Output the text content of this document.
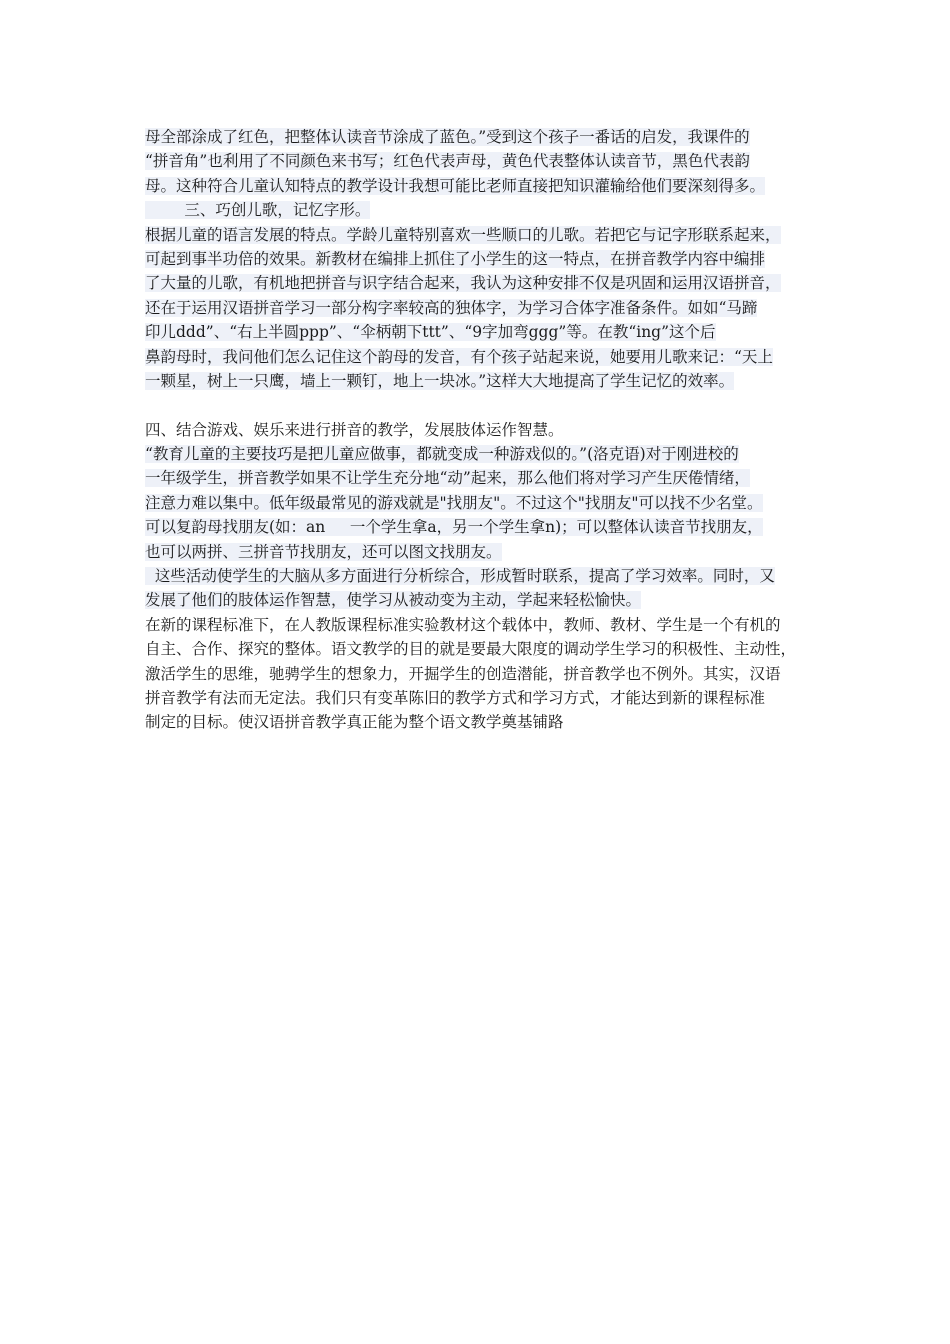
母全部涂成了红色，把整体认读音节涂成了蓝色。”受到这个孩子一番话的启发，我课件的
“拼音角”也利用了不同颜色来书写；红色代表声母，黄色代表整体认读音节，黑色代表韵
母。这种符合儿童认知特点的教学设计我想可能比老师直接把知识灌输给他们要深刻得多。
三、巧创儿歌，记忆字形。
根据儿童的语言发展的特点。学龄儿童特别喜欢一些顺口的儿歌。若把它与记字形联系起来，
可起到事半功倍的效果。新教材在编排上抓住了小学生的这一特点，在拼音教学内容中编排
了大量的儿歌，有机地把拼音与识字结合起来，我认为这种安排不仅是巩固和运用汉语拼音，
还在于运用汉语拼音学习一部分构字率较高的独体字，为学习合体字准备条件。如如“马蹄
印儿ddd”、“右上半圆ppp”、“伞柄朝下ttt”、“9字加弯ggg”等。在教“ing”这个后
鼻韵母时，我问他们怎么记住这个韵母的发音，有个孩子站起来说，她要用儿歌来记：“天上
一颗星，树上一只鹰，墙上一颗钉，地上一块冰。”这样大大地提高了学生记忆的效率。
四、结合游戏、娱乐来进行拼音的教学，发展肢体运作智慧。
“教育儿童的主要技巧是把儿童应做事，都就变成一种游戏似的。”(洛克语)对于刚进校的
一年级学生，拼音教学如果不让学生充分地“动”起来，那么他们将对学习产生厌倦情绪，
注意力难以集中。低年级最常见的游戏就是"找朋友"。不过这个"找朋友"可以找不少名堂。
可以复韵母找朋友(如：an     一个学生拿a，另一个学生拿n)；可以整体认读音节找朋友，
也可以两拼、三拼音节找朋友，还可以图文找朋友。
这些活动使学生的大脑从多方面进行分析综合，形成暂时联系，提高了学习效率。同时，又
发展了他们的肢体运作智慧，使学习从被动变为主动，学起来轻松愉快。
在新的课程标准下，在人教版课程标准实验教材这个载体中，教师、教材、学生是一个有机的
自主、合作、探究的整体。语文教学的目的就是要最大限度的调动学生学习的积极性、主动性，
激活学生的思维，驰骋学生的想象力，开掘学生的创造潜能，拼音教学也不例外。其实，汉语
拼音教学有法而无定法。我们只有变革陈旧的教学方式和学习方式，才能达到新的课程标准
制定的目标。使汉语拼音教学真正能为整个语文教学奠基铺路
